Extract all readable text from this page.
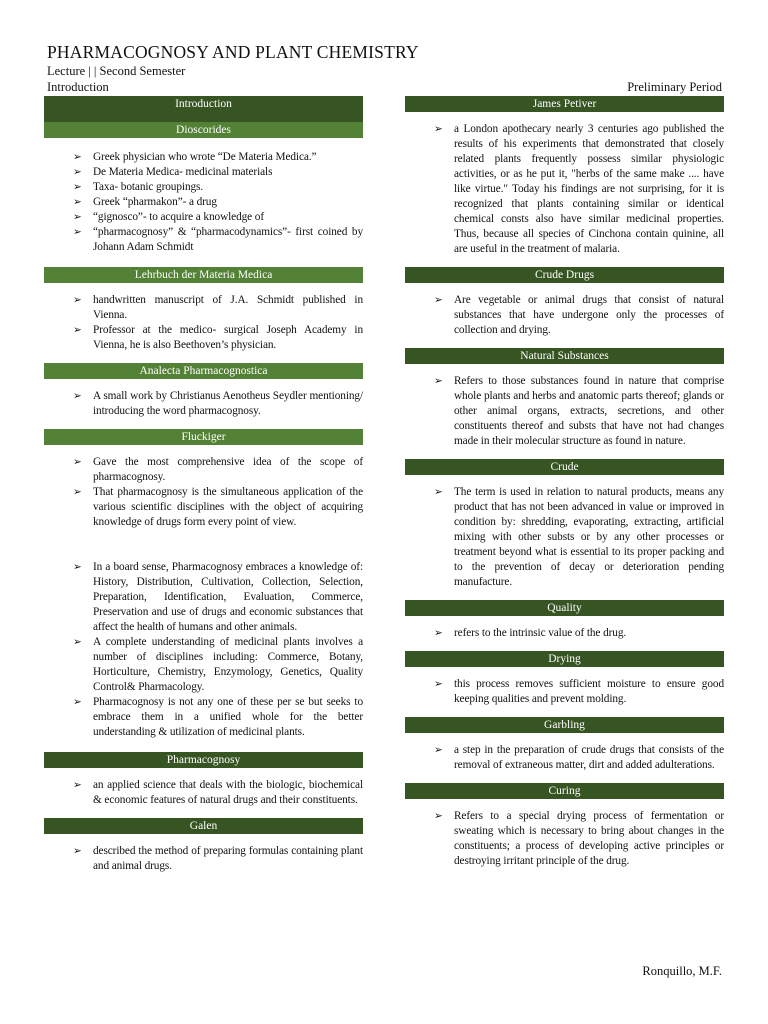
PHARMACOGNOSY AND PLANT CHEMISTRY
Lecture | | Second Semester
Introduction	Preliminary Period
Introduction
Dioscorides
➢ Greek physician who wrote “De Materia Medica.”
➢ De Materia Medica- medicinal materials
➢ Taxa- botanic groupings.
➢ Greek “pharmakon”- a drug
➢ “gignosco”- to acquire a knowledge of
➢ “pharmacognosy” & “pharmacodynamics”- first coined by Johann Adam Schmidt
Lehrbuch der Materia Medica
➢ handwritten manuscript of J.A. Schmidt published in Vienna.
➢ Professor at the medico- surgical Joseph Academy in Vienna, he is also Beethoven’s physician.
Analecta Pharmacognostica
➢ A small work by Christianus Aenotheus Seydler mentioning/ introducing the word pharmacognosy.
Fluckiger
➢ Gave the most comprehensive idea of the scope of pharmacognosy.
➢ That pharmacognosy is the simultaneous application of the various scientific disciplines with the object of acquiring knowledge of drugs form every point of view.
➢ In a board sense, Pharmacognosy embraces a knowledge of: History, Distribution, Cultivation, Collection, Selection, Preparation, Identification, Evaluation, Commerce, Preservation and use of drugs and economic substances that affect the health of humans and other animals.
➢ A complete understanding of medicinal plants involves a number of disciplines including: Commerce, Botany, Horticulture, Chemistry, Enzymology, Genetics, Quality Control& Pharmacology.
➢ Pharmacognosy is not any one of these per se but seeks to embrace them in a unified whole for the better understanding & utilization of medicinal plants.
Pharmacognosy
➢ an applied science that deals with the biologic, biochemical & economic features of natural drugs and their constituents.
Galen
➢ described the method of preparing formulas containing plant and animal drugs.
James Petiver
➢ a London apothecary nearly 3 centuries ago published the results of his experiments that demonstrated that closely related plants frequently possess similar physiologic activities, or as he put it, "herbs of the same make .... have like virtue." Today his findings are not surprising, for it is recognized that plants containing similar or identical chemical consts also have similar medicinal properties. Thus, because all species of Cinchona contain quinine, all are useful in the treatment of malaria.
Crude Drugs
➢ Are vegetable or animal drugs that consist of natural substances that have undergone only the processes of collection and drying.
Natural Substances
➢ Refers to those substances found in nature that comprise whole plants and herbs and anatomic parts thereof; glands or other animal organs, extracts, secretions, and other constituents thereof and substs that have not had changes made in their molecular structure as found in nature.
Crude
➢ The term is used in relation to natural products, means any product that has not been advanced in value or improved in condition by: shredding, evaporating, extracting, artificial mixing with other substs or by any other processes or treatment beyond what is essential to its proper packing and to the prevention of decay or deterioration pending manufacture.
Quality
➢ refers to the intrinsic value of the drug.
Drying
➢ this process removes sufficient moisture to ensure good keeping qualities and prevent molding.
Garbling
➢ a step in the preparation of crude drugs that consists of the removal of extraneous matter, dirt and added adulterations.
Curing
➢ Refers to a special drying process of fermentation or sweating which is necessary to bring about changes in the constituents; a process of developing active principles or destroying irritant principle of the drug.
Ronquillo, M.F.
